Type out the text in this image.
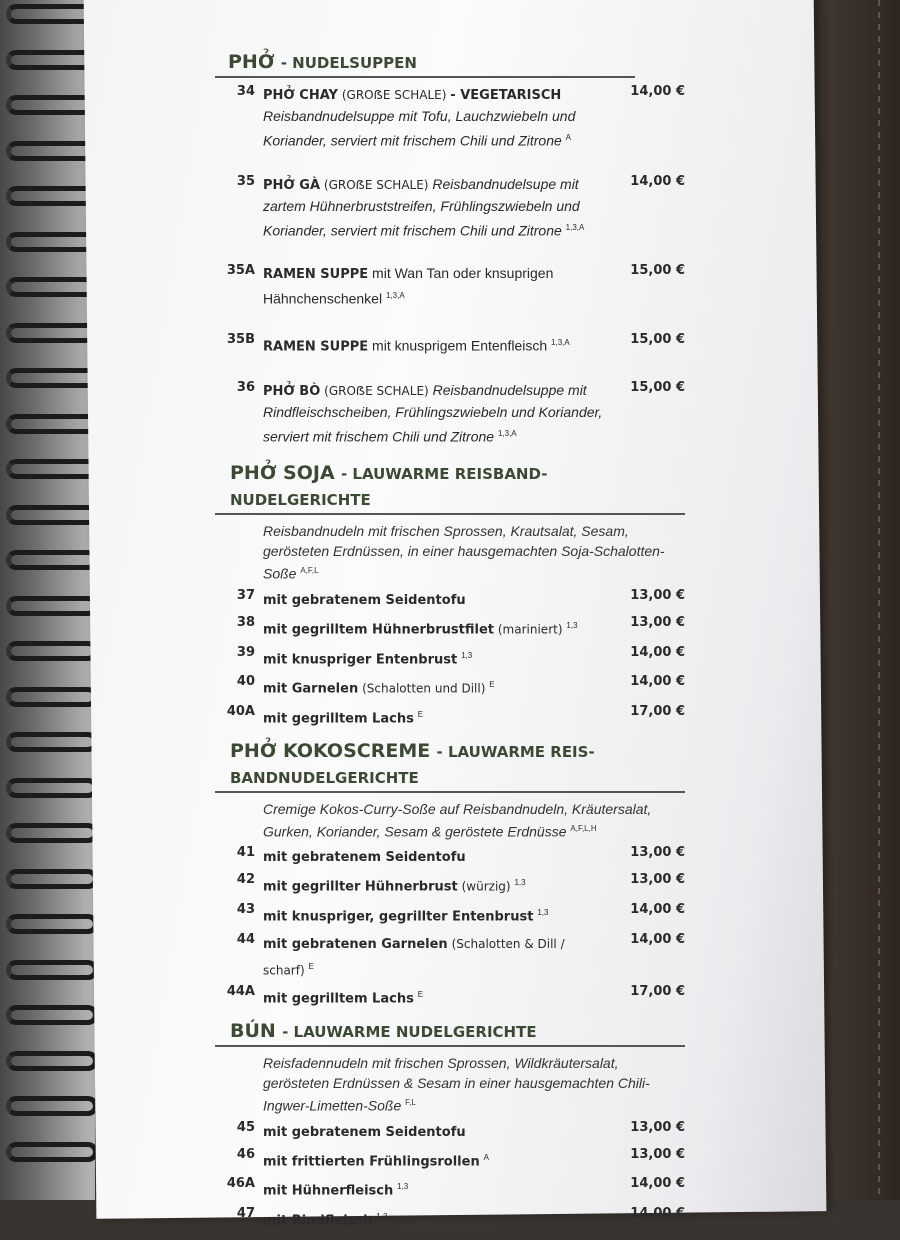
PHỞ - NUDELSUPPEN
34 PHỞ CHAY (GROẞE SCHALE) - VEGETARISCH
Reisbandnudelsuppe mit Tofu, Lauchzwiebeln und Koriander, serviert mit frischem Chili und Zitrone $^A$
14,00 €
35 PHỞ GÀ (GROẞE SCHALE) Reisbandnudelsupe mit zartem Hühnerbruststreifen, Frühlingszwiebeln und Koriander, serviert mit frischem Chili und Zitrone $^{1,3,A}$
14,00 €
35A RAMEN SUPPE mit Wan Tan oder knsuprigen Hähnchenschenkel $^{1,3,A}$
15,00 €
35B
RAMEN SUPPE mit knusprigem Entenfleisch $^{1,3,A}$	15,00 €
36 PHỞ BÒ (GROẞE SCHALE) Reisbandnudelsuppe mit Rindfleischscheiben, Frühlingszwiebeln und Koriander, serviert mit frischem Chili und Zitrone $^{1,3,A}$
15,00 €
PHỞ SOJA - LAUWARME REISBAND-NUDELGERICHTE
Reisbandnudeln mit frischen Sprossen, Krautsalat, Sesam, gerösteten Erdnüssen, in einer hausgemachten Soja-Schalotten-Soße $^{A,F,L}$
37 mit gebratenem Seidentofu	13,00 €
38
mit gegrilltem Hühnerbrustfilet (mariniert) $^{1,3}$	13,00 €
39
mit knuspriger Entenbrust $^{1,3}$	14,00 €
40
mit Garnelen (Schalotten und Dill) $^E$	14,00 €
40A
mit gegrilltem Lachs $^E$	17,00 €
PHỞ KOKOSCREME - LAUWARME REIS-BANDNUDELGERICHTE
Cremige Kokos-Curry-Soße auf Reisbandnudeln, Kräutersalat, Gurken, Koriander, Sesam & geröstete Erdnüsse $^{A,F,L,H}$
41 mit gebratenem Seidentofu	13,00 €
42
mit gegrillter Hühnerbrust (würzig) $^{1,3}$	13,00 €
43
mit knuspriger, gegrillter Entenbrust $^{1,3}$	14,00 €
44 mit gebratenen Garnelen (Schalotten & Dill / scharf) $^E$
14,00 €
44A
mit gegrilltem Lachs $^E$	17,00 €
BÚN - LAUWARME NUDELGERICHTE
Reisfadennudeln mit frischen Sprossen, Wildkräutersalat, gerösteten Erdnüssen & Sesam in einer hausgemachten Chili-Ingwer-Limetten-Soße $^{F,L}$
45 mit gebratenem Seidentofu	13,00 €
46
mit frittierten Frühlingsrollen $^A$	13,00 €
46A
mit Hühnerfleisch $^{1,3}$	14,00 €
47
mit Rindfleisch $^{1,3}$	14,00 €
